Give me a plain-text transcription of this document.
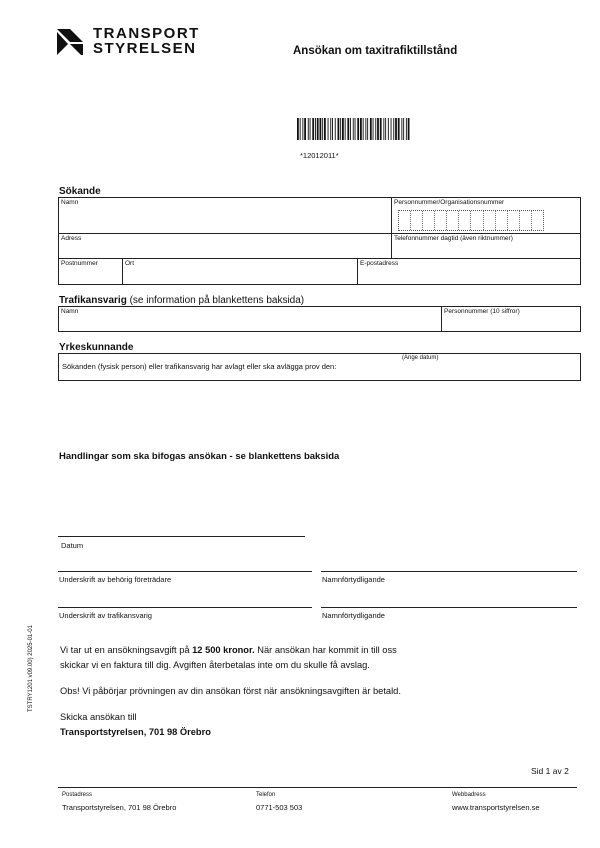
TRANSPORT
STYRELSEN	Ansökan om taxitrafiktillstånd
*12012011*
Sökande
Namn	Personnummer/Organisationsnummer
Adress	Telefonnummer dagtid (även riktnummer)
Postnummer	Ort	E-postadress
Trafikansvarig (se information på blankettens baksida)
Namn	Personnummer (10 siffror)
Yrkeskunnande
Sökanden (fysisk person) eller trafikansvarig har avlagt eller ska avlägga prov den:
(Ange datum)
Handlingar som ska bifogas ansökan - se blankettens baksida
Datum
Underskrift av behörig företrädare	Namnförtydligande
Underskrift av trafikansvarig	Namnförtydligande
Vi tar ut en ansökningsavgift på 12 500 kronor. När ansökan har kommit in till oss
skickar vi en faktura till dig. Avgiften återbetalas inte om du skulle få avslag.
Obs! Vi påbörjar prövningen av din ansökan först när ansökningsavgiften är betald.
Skicka ansökan till
Transportstyrelsen, 701 98 Örebro
TSTRY1201 v09.00) 2025-01-01
Sid 1 av 2
Postadress
Transportstyrelsen, 701 98 Örebro
Telefon
0771-503 503
Webbadress
www.transportstyrelsen.se
